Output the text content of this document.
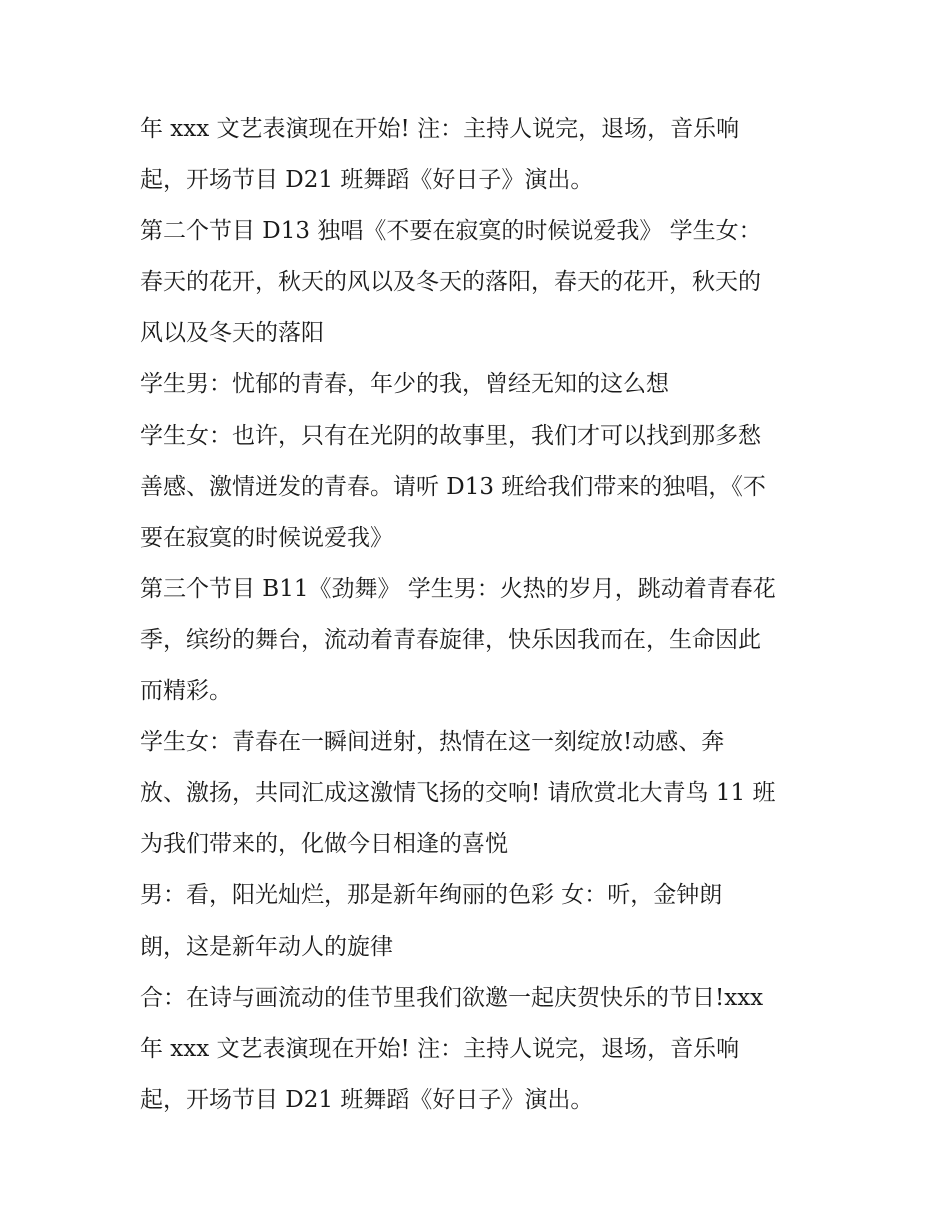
年 xxx 文艺表演现在开始! 注：主持人说完，退场，音乐响
起，开场节目 D21 班舞蹈《好日子》演出。
第二个节目 D13 独唱《不要在寂寞的时候说爱我》 学生女：
春天的花开，秋天的风以及冬天的落阳，春天的花开，秋天的
风以及冬天的落阳
学生男：忧郁的青春，年少的我，曾经无知的这么想
学生女：也许，只有在光阴的故事里，我们才可以找到那多愁
善感、激情迸发的青春。请听 D13 班给我们带来的独唱，《不
要在寂寞的时候说爱我》
第三个节目 B11《劲舞》 学生男：火热的岁月，跳动着青春花
季，缤纷的舞台，流动着青春旋律，快乐因我而在，生命因此
而精彩。
学生女：青春在一瞬间迸射，热情在这一刻绽放!动感、奔
放、激扬，共同汇成这激情飞扬的交响! 请欣赏北大青鸟 11 班
为我们带来的，化做今日相逢的喜悦
男：看，阳光灿烂，那是新年绚丽的色彩 女：听，金钟朗
朗，这是新年动人的旋律
合：在诗与画流动的佳节里我们欲邀一起庆贺快乐的节日!xxx
年 xxx 文艺表演现在开始! 注：主持人说完，退场，音乐响
起，开场节目 D21 班舞蹈《好日子》演出。
